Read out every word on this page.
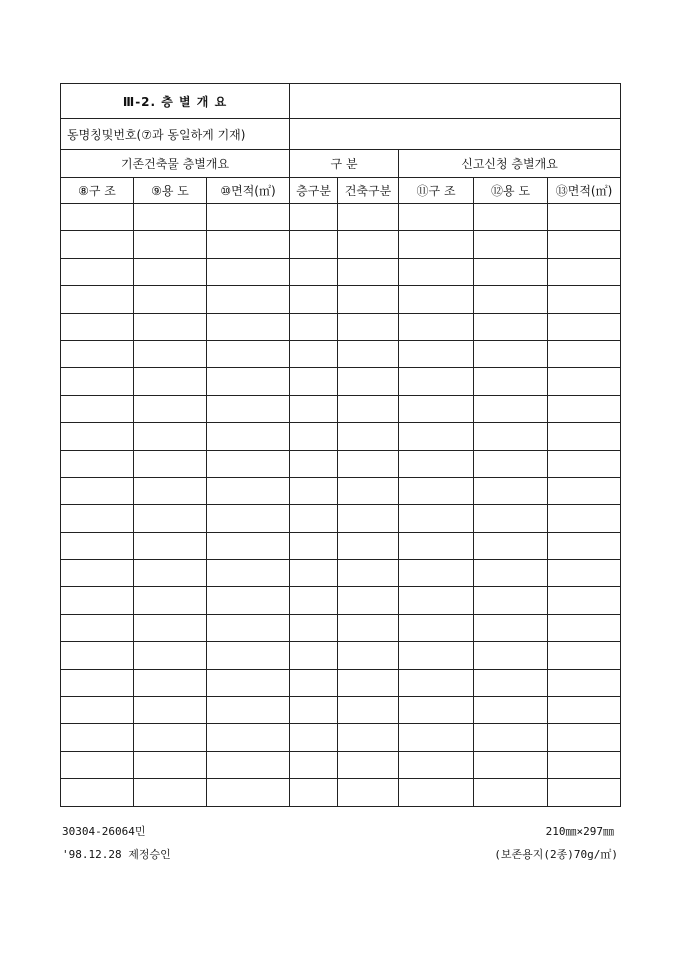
Ⅲ-2. 층 별 개 요	
동명칭및번호(⑦과 동일하게 기재)	
기존건축물 층별개요			구 분		신고신청 층별개요		
⑧구 조	⑨용 도	⑩면적(㎡)	층구분	건축구분	⑪구 조	⑫용 도	⑬면적(㎡)

30304-26064민
'98.12.28 제정승인
210㎜×297㎜
(보존용지(2종)70g/㎡)
